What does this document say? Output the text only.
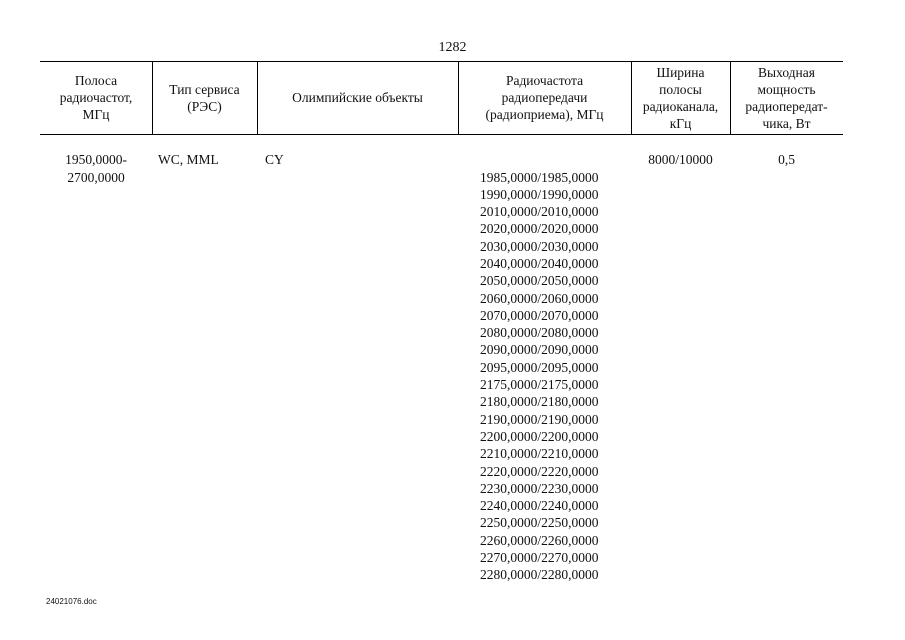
1282
Полоса
радиочастот,
МГц
Тип сервиса
(РЭС)
Олимпийские объекты
Радиочастота
радиопередачи
(радиоприема), МГц
Ширина
полосы
радиоканала,
кГц
Выходная
мощность
радиопередат-
чика, Вт
1950,0000-
2700,0000
WC, MML	CY

1985,0000/1985,0000
1990,0000/1990,0000
2010,0000/2010,0000
2020,0000/2020,0000
2030,0000/2030,0000
2040,0000/2040,0000
2050,0000/2050,0000
2060,0000/2060,0000
2070,0000/2070,0000
2080,0000/2080,0000
2090,0000/2090,0000
2095,0000/2095,0000
2175,0000/2175,0000
2180,0000/2180,0000
2190,0000/2190,0000
2200,0000/2200,0000
2210,0000/2210,0000
2220,0000/2220,0000
2230,0000/2230,0000
2240,0000/2240,0000
2250,0000/2250,0000
2260,0000/2260,0000
2270,0000/2270,0000
2280,0000/2280,0000

8000/10000	0,5
24021076.doc
